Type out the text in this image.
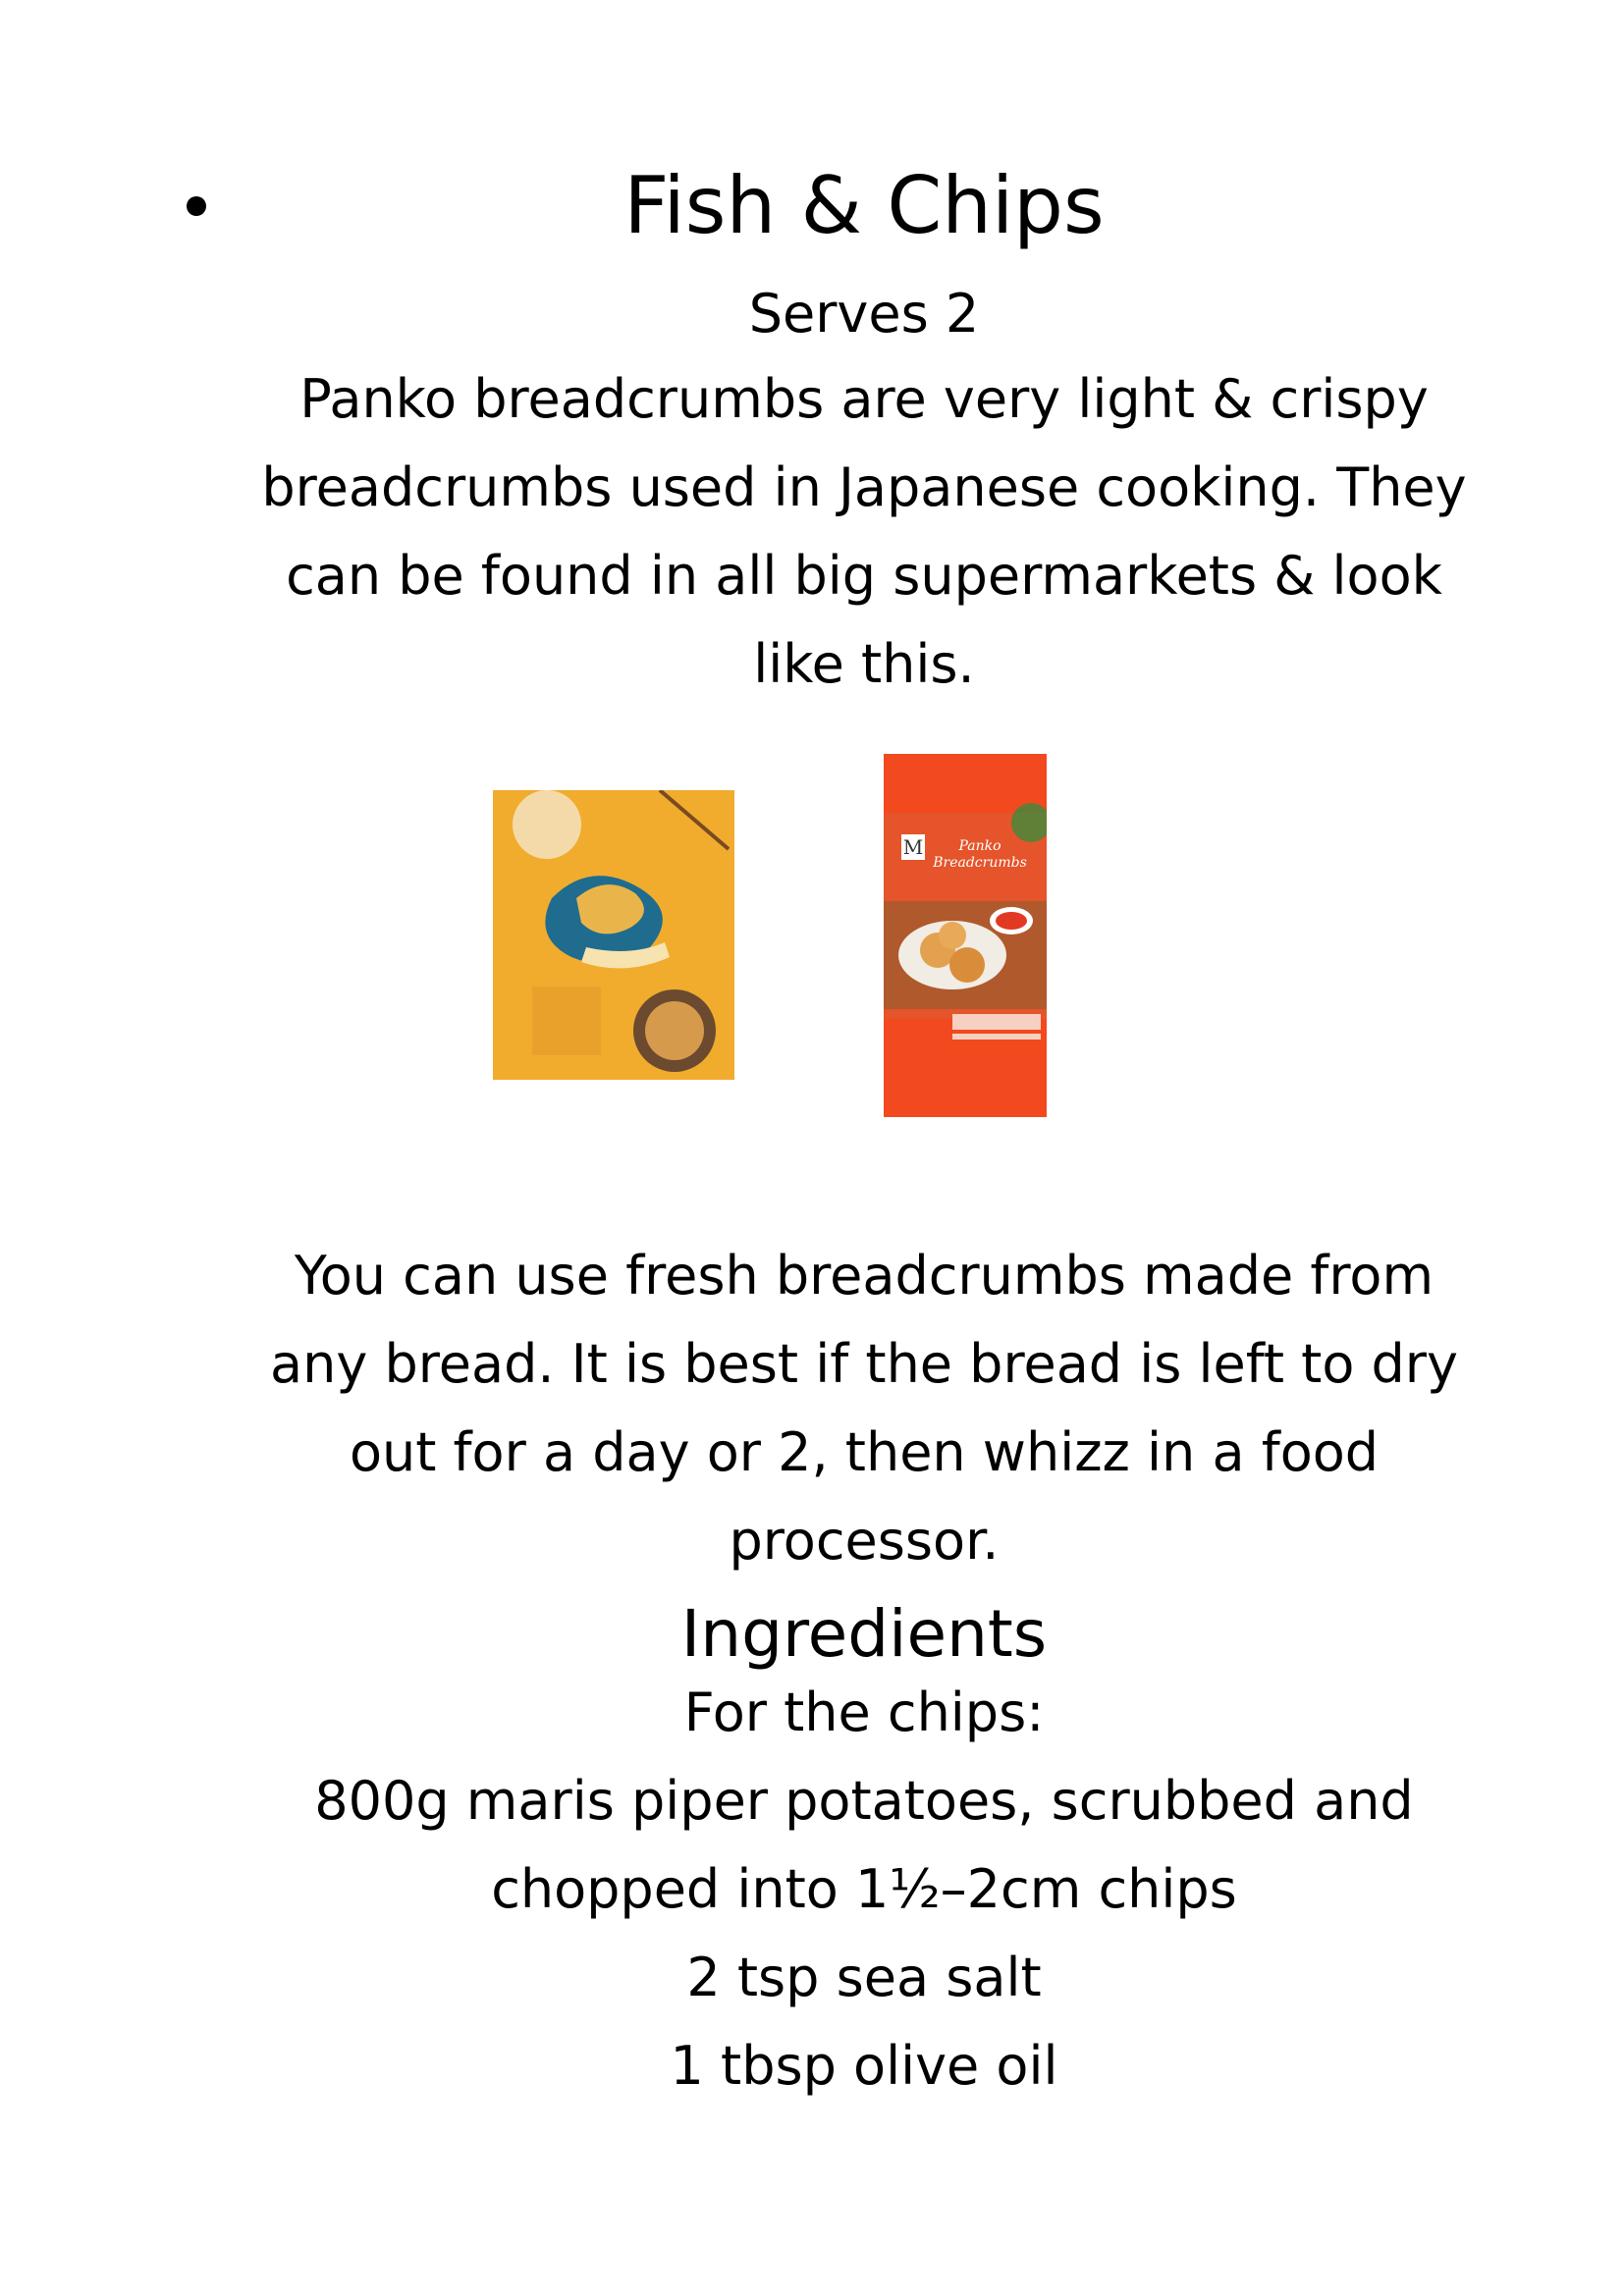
Fish & Chips
Serves 2
Panko breadcrumbs are very light & crispy breadcrumbs used in Japanese cooking. They can be found in all big supermarkets & look like this.
M	Panko
Breadcrumbs
You can use fresh breadcrumbs made from any bread. It is best if the bread is left to dry out for a day or 2, then whizz in a food processor.
Ingredients
For the chips:
800g maris piper potatoes, scrubbed and
chopped into 1½–2cm chips
2 tsp sea salt
1 tbsp olive oil
